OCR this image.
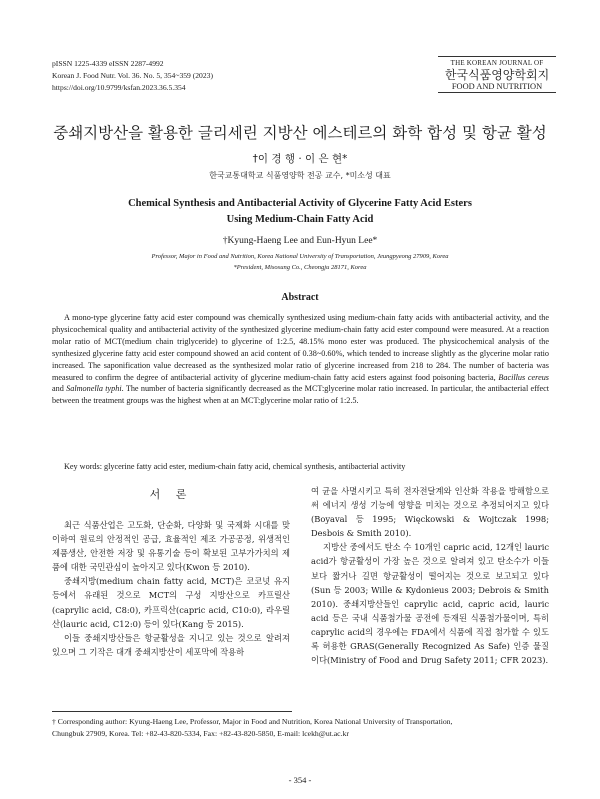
pISSN 1225-4339 eISSN 2287-4992
Korean J. Food Nutr. Vol. 36. No. 5, 354~359 (2023)
https://doi.org/10.9799/ksfan.2023.36.5.354
THE KOREAN JOURNAL OF
한국식품영양학회지
FOOD AND NUTRITION
중쇄지방산을 활용한 글리세린 지방산 에스테르의 화학 합성 및 항균 활성
†이 경 행 · 이 은 현*
한국교통대학교 식품영양학 전공 교수, *미소성 대표
Chemical Synthesis and Antibacterial Activity of Glycerine Fatty Acid Esters
Using Medium-Chain Fatty Acid
†Kyung-Haeng Lee and Eun-Hyun Lee*
Professor, Major in Food and Nutrition, Korea National University of Transportation, Jeungpyeong 27909, Korea
*President, Misosung Co., Cheongju 28171, Korea
Abstract
A mono-type glycerine fatty acid ester compound was chemically synthesized using medium-chain fatty acids with antibacterial activity, and the physicochemical quality and antibacterial activity of the synthesized glycerine medium-chain fatty acid ester compound were measured. At a reaction molar ratio of MCT(medium chain triglyceride) to glycerine of 1:2.5, 48.15% mono ester was produced. The physicochemical analysis of the synthesized glycerine fatty acid ester compound showed an acid content of 0.38~0.60%, which tended to increase slightly as the glycerine molar ratio increased. The saponification value decreased as the synthesized molar ratio of glycerine increased from 218 to 284. The number of bacteria was measured to confirm the degree of antibacterial activity of glycerine medium-chain fatty acid esters against food poisoning bacteria, Bacillus cereus and Salmonella typhi. The number of bacteria significantly decreased as the MCT:glycerine molar ratio increased. In particular, the antibacterial effect between the treatment groups was the highest when at an MCT:glycerine molar ratio of 1:2.5.
Key words: glycerine fatty acid ester, medium-chain fatty acid, chemical synthesis, antibacterial activity
서 론

최근 식품산업은 고도화, 단순화, 다양화 및 국제화 시대를 맞이하여 원료의 안정적인 공급, 효율적인 제조 가공공정, 위생적인 제품생산, 안전한 저장 및 유통기술 등이 확보된 고부가가치의 제품에 대한 국민관심이 높아지고 있다(Kwon 등 2010).

중쇄지방(medium chain fatty acid, MCT)은 코코넛 유지 등에서 유래된 것으로 MCT의 구성 지방산으로 카프릴산(caprylic acid, C8:0), 카프릭산(capric acid, C10:0), 라우릴산(lauric acid, C12:0) 등이 있다(Kang 등 2015).

이들 중쇄지방산들은 항균활성을 지니고 있는 것으로 알려져 있으며 그 기작은 대개 중쇄지방산이 세포막에 작용하

여 균을 사멸시키고 특히 전자전달계와 인산화 작용을 방해함으로써 에너지 생성 기능에 영향을 미치는 것으로 추정되어지고 있다(Boyaval 등 1995; Więckowski & Wojtczak 1998; Desbois & Smith 2010).

지방산 중에서도 탄소 수 10개인 capric acid, 12개인 lauric acid가 항균활성이 가장 높은 것으로 알려져 있고 탄소수가 이들보다 짧거나 길면 항균활성이 떨어지는 것으로 보고되고 있다(Sun 등 2003; Wille & Kydonieus 2003; Debrois & Smith 2010). 중쇄지방산들인 caprylic acid, capric acid, lauric acid 등은 국내 식품첨가물 공전에 등재된 식품첨가물이며, 특히 caprylic acid의 경우에는 FDA에서 식품에 직접 첨가할 수 있도록 허용한 GRAS(Generally Recognized As Safe) 인증 물질이다(Ministry of Food and Drug Safety 2011; CFR 2023).

† Corresponding author: Kyung-Haeng Lee, Professor, Major in Food and Nutrition, Korea National University of Transportation,
Chungbuk 27909, Korea. Tel: +82-43-820-5334, Fax: +82-43-820-5850, E-mail: lcekh@ut.ac.kr
- 354 -
